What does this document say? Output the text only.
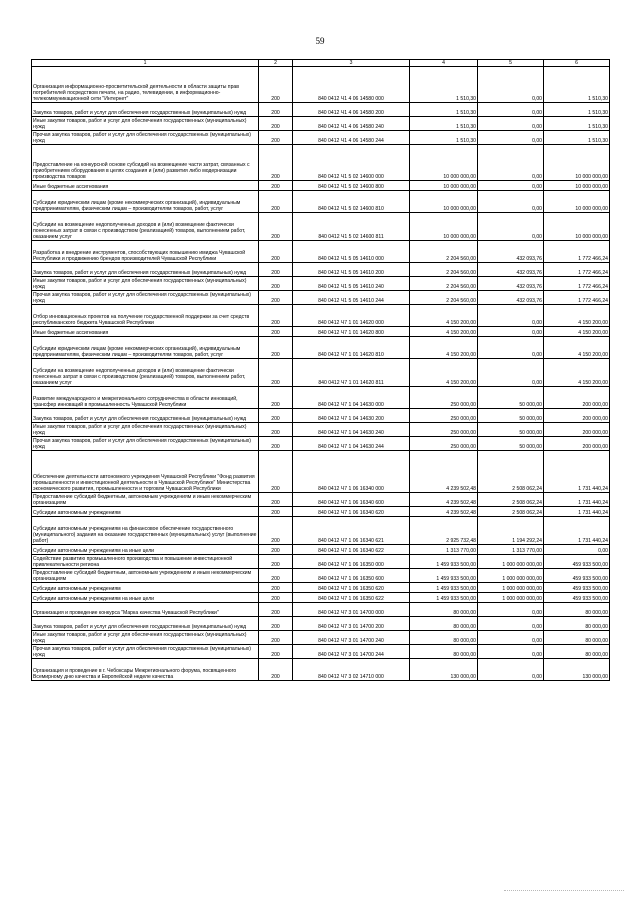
59
1	2	3	4	5	6
Организация информационно-просветительской деятельности в области защиты прав потребителей посредством печати, на радио, телевидении, в информационно-телекоммуникационной сети "Интернет"	200	840 0412 Ч1 4 06 14580 000	1 510,30	0,00	1 510,30
Закупка товаров, работ и услуг для обеспечения государственных (муниципальных) нужд	200	840 0412 Ч1 4 06 14580 200	1 510,30	0,00	1 510,30
Иные закупки товаров, работ и услуг для обеспечения государственных (муниципальных) нужд	200	840 0412 Ч1 4 06 14580 240	1 510,30	0,00	1 510,30
Прочая закупка товаров, работ и услуг для обеспечения государственных (муниципальных) нужд	200	840 0412 Ч1 4 06 14580 244	1 510,30	0,00	1 510,30
Предоставление на конкурсной основе субсидий на возмещение части затрат, связанных с приобретением оборудования в целях создания и (или) развития либо модернизации производства товаров	200	840 0412 Ч1 5 02 14600 000	10 000 000,00	0,00	10 000 000,00
Иные бюджетные ассигнования	200	840 0412 Ч1 5 02 14600 800	10 000 000,00	0,00	10 000 000,00
Субсидии юридическим лицам (кроме некоммерческих организаций), индивидуальным предпринимателям, физическим лицам – производителям товаров, работ, услуг	200	840 0412 Ч1 5 02 14600 810	10 000 000,00	0,00	10 000 000,00
Субсидии на возмещение недополученных доходов и (или) возмещение фактически понесенных затрат в связи с производством (реализацией) товаров, выполнением работ, оказанием услуг	200	840 0412 Ч1 5 02 14600 811	10 000 000,00	0,00	10 000 000,00
Разработка и внедрение инструментов, способствующих повышению имиджа Чувашской Республики и продвижению брендов производителей Чувашской Республики	200	840 0412 Ч1 5 05 14610 000	2 204 560,00	432 093,76	1 772 466,24
Закупка товаров, работ и услуг для обеспечения государственных (муниципальных) нужд	200	840 0412 Ч1 5 05 14610 200	2 204 560,00	432 093,76	1 772 466,24
Иные закупки товаров, работ и услуг для обеспечения государственных (муниципальных) нужд	200	840 0412 Ч1 5 05 14610 240	2 204 560,00	432 093,76	1 772 466,24
Прочая закупка товаров, работ и услуг для обеспечения государственных (муниципальных) нужд	200	840 0412 Ч1 5 05 14610 244	2 204 560,00	432 093,76	1 772 466,24
Отбор инновационных проектов на получение государственной поддержки за счет средств республиканского бюджета Чувашской Республики	200	840 0412 Ч7 1 01 14620 000	4 150 200,00	0,00	4 150 200,00
Иные бюджетные ассигнования	200	840 0412 Ч7 1 01 14620 800	4 150 200,00	0,00	4 150 200,00
Субсидии юридическим лицам (кроме некоммерческих организаций), индивидуальным предпринимателям, физическим лицам – производителям товаров, работ, услуг	200	840 0412 Ч7 1 01 14620 810	4 150 200,00	0,00	4 150 200,00
Субсидии на возмещение недополученных доходов и (или) возмещение фактически понесенных затрат в связи с производством (реализацией) товаров, выполнением работ, оказанием услуг	200	840 0412 Ч7 1 01 14620 811	4 150 200,00	0,00	4 150 200,00
Развитие международного и межрегионального сотрудничества в области инноваций, трансфер инноваций в промышленность Чувашской Республики	200	840 0412 Ч7 1 04 14630 000	250 000,00	50 000,00	200 000,00
Закупка товаров, работ и услуг для обеспечения государственных (муниципальных) нужд	200	840 0412 Ч7 1 04 14630 200	250 000,00	50 000,00	200 000,00
Иные закупки товаров, работ и услуг для обеспечения государственных (муниципальных) нужд	200	840 0412 Ч7 1 04 14630 240	250 000,00	50 000,00	200 000,00
Прочая закупка товаров, работ и услуг для обеспечения государственных (муниципальных) нужд	200	840 0412 Ч7 1 04 14630 244	250 000,00	50 000,00	200 000,00
Обеспечение деятельности автономного учреждения Чувашской Республики "Фонд развития промышленности и инвестиционной деятельности в Чувашской Республике" Министерства экономического развития, промышленности и торговли Чувашской Республики	200	840 0412 Ч7 1 06 16340 000	4 239 502,48	2 508 062,24	1 731 440,24
Предоставление субсидий бюджетным, автономным учреждениям и иным некоммерческим организациям	200	840 0412 Ч7 1 06 16340 600	4 239 502,48	2 508 062,24	1 731 440,24
Субсидии автономным учреждениям	200	840 0412 Ч7 1 06 16340 620	4 239 502,48	2 508 062,24	1 731 440,24
Субсидии автономным учреждениям на финансовое обеспечение государственного (муниципального) задания на оказание государственных (муниципальных) услуг (выполнение работ)	200	840 0412 Ч7 1 06 16340 621	2 925 732,48	1 194 292,24	1 731 440,24
Субсидии автономным учреждениям на иные цели	200	840 0412 Ч7 1 06 16340 622	1 313 770,00	1 313 770,00	0,00
Содействие развитию промышленного производства и повышение инвестиционной привлекательности региона	200	840 0412 Ч7 1 06 16350 000	1 459 933 500,00	1 000 000 000,00	459 933 500,00
Предоставление субсидий бюджетным, автономным учреждениям и иным некоммерческим организациям	200	840 0412 Ч7 1 06 16350 600	1 459 933 500,00	1 000 000 000,00	459 933 500,00
Субсидии автономным учреждениям	200	840 0412 Ч7 1 06 16350 620	1 459 933 500,00	1 000 000 000,00	459 933 500,00
Субсидии автономным учреждениям на иные цели	200	840 0412 Ч7 1 06 16350 622	1 459 933 500,00	1 000 000 000,00	459 933 500,00
Организация и проведение конкурса "Марка качества Чувашской Республики"	200	840 0412 Ч7 3 01 14700 000	80 000,00	0,00	80 000,00
Закупка товаров, работ и услуг для обеспечения государственных (муниципальных) нужд	200	840 0412 Ч7 3 01 14700 200	80 000,00	0,00	80 000,00
Иные закупки товаров, работ и услуг для обеспечения государственных (муниципальных) нужд	200	840 0412 Ч7 3 01 14700 240	80 000,00	0,00	80 000,00
Прочая закупка товаров, работ и услуг для обеспечения государственных (муниципальных) нужд	200	840 0412 Ч7 3 01 14700 244	80 000,00	0,00	80 000,00
Организация и проведение в г. Чебоксары Межрегионального форума, посвященного Всемирному дню качества и Европейской неделе качества	200	840 0412 Ч7 3 02 14710 000	130 000,00	0,00	130 000,00
